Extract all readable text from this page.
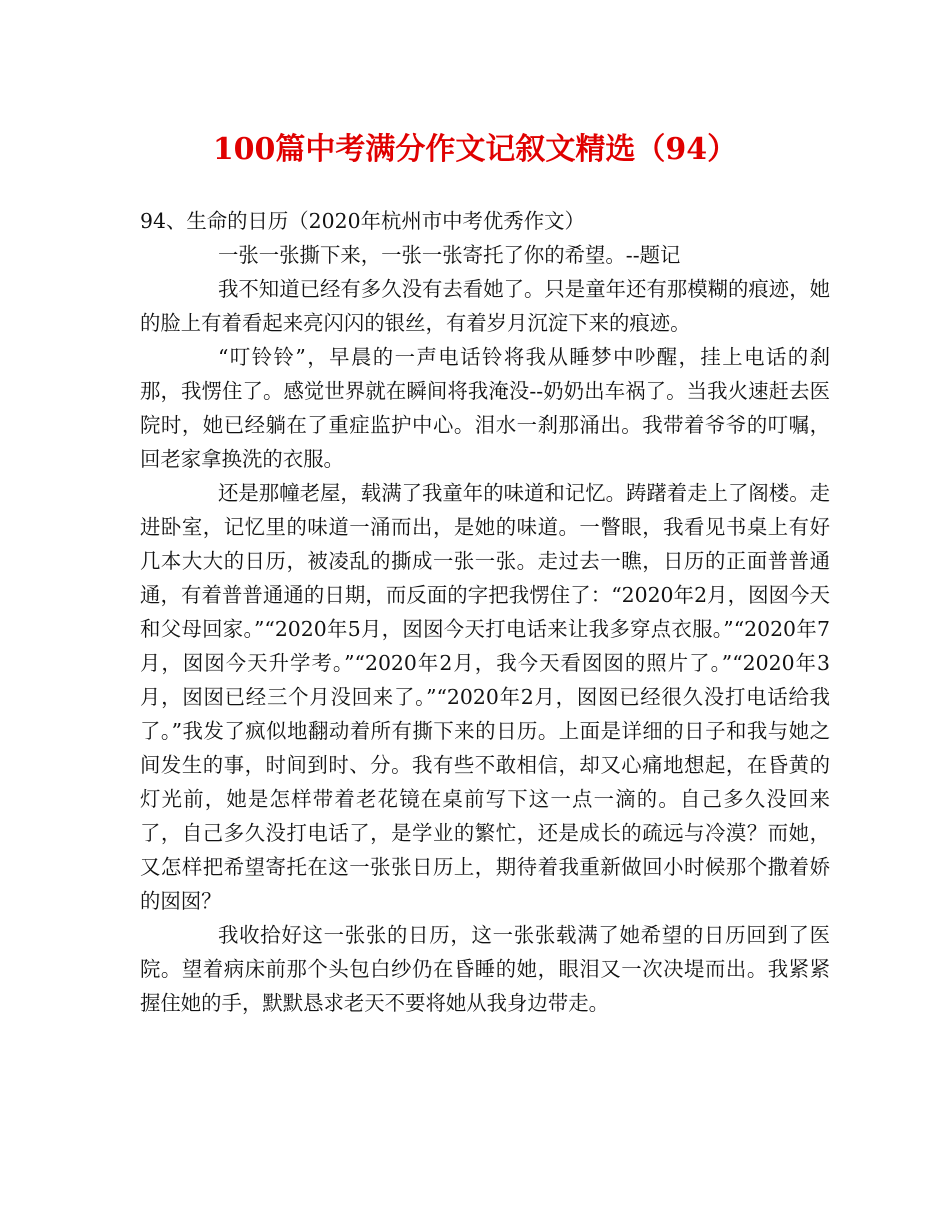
100篇中考满分作文记叙文精选（94）

94、生命的日历（2020年杭州市中考优秀作文）

一张一张撕下来，一张一张寄托了你的希望。--题记

我不知道已经有多久没有去看她了。只是童年还有那模糊的痕迹，她的脸上有着看起来亮闪闪的银丝，有着岁月沉淀下来的痕迹。

“叮铃铃”，早晨的一声电话铃将我从睡梦中吵醒，挂上电话的刹那，我愣住了。感觉世界就在瞬间将我淹没--奶奶出车祸了。当我火速赶去医院时，她已经躺在了重症监护中心。泪水一刹那涌出。我带着爷爷的叮嘱，回老家拿换洗的衣服。

还是那幢老屋，载满了我童年的味道和记忆。踌躇着走上了阁楼。走进卧室，记忆里的味道一涌而出，是她的味道。一瞥眼，我看见书桌上有好几本大大的日历，被凌乱的撕成一张一张。走过去一瞧，日历的正面普普通通，有着普普通通的日期，而反面的字把我愣住了：“2020年2月，囡囡今天和父母回家。”“2020年5月，囡囡今天打电话来让我多穿点衣服。”“2020年7月，囡囡今天升学考。”“2020年2月，我今天看囡囡的照片了。”“2020年3月，囡囡已经三个月没回来了。”“2020年2月，囡囡已经很久没打电话给我了。”我发了疯似地翻动着所有撕下来的日历。上面是详细的日子和我与她之间发生的事，时间到时、分。我有些不敢相信，却又心痛地想起，在昏黄的灯光前，她是怎样带着老花镜在桌前写下这一点一滴的。自己多久没回来了，自己多久没打电话了，是学业的繁忙，还是成长的疏远与冷漠？而她，又怎样把希望寄托在这一张张日历上，期待着我重新做回小时候那个撒着娇的囡囡？

我收拾好这一张张的日历，这一张张载满了她希望的日历回到了医院。望着病床前那个头包白纱仍在昏睡的她，眼泪又一次决堤而出。我紧紧握住她的手，默默恳求老天不要将她从我身边带走。
